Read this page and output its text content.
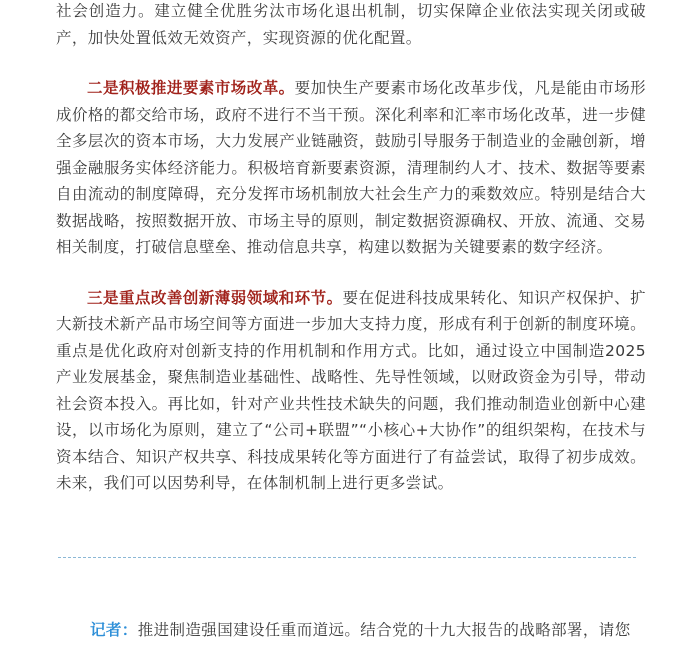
社会创造力。建立健全优胜劣汰市场化退出机制，切实保障企业依法实现关闭或破产，加快处置低效无效资产，实现资源的优化配置。

二是积极推进要素市场改革。要加快生产要素市场化改革步伐，凡是能由市场形成价格的都交给市场，政府不进行不当干预。深化利率和汇率市场化改革，进一步健全多层次的资本市场，大力发展产业链融资，鼓励引导服务于制造业的金融创新，增强金融服务实体经济能力。积极培育新要素资源，清理制约人才、技术、数据等要素自由流动的制度障碍，充分发挥市场机制放大社会生产力的乘数效应。特别是结合大数据战略，按照数据开放、市场主导的原则，制定数据资源确权、开放、流通、交易相关制度，打破信息壁垒、推动信息共享，构建以数据为关键要素的数字经济。

三是重点改善创新薄弱领域和环节。要在促进科技成果转化、知识产权保护、扩大新技术新产品市场空间等方面进一步加大支持力度，形成有利于创新的制度环境。重点是优化政府对创新支持的作用机制和作用方式。比如，通过设立中国制造2025产业发展基金，聚焦制造业基础性、战略性、先导性领域，以财政资金为引导，带动社会资本投入。再比如，针对产业共性技术缺失的问题，我们推动制造业创新中心建设，以市场化为原则，建立了“公司+联盟”“小核心+大协作”的组织架构，在技术与资本结合、知识产权共享、科技成果转化等方面进行了有益尝试，取得了初步成效。未来，我们可以因势利导，在体制机制上进行更多尝试。

记者：推进制造强国建设任重而道远。结合党的十九大报告的战略部署，请您
